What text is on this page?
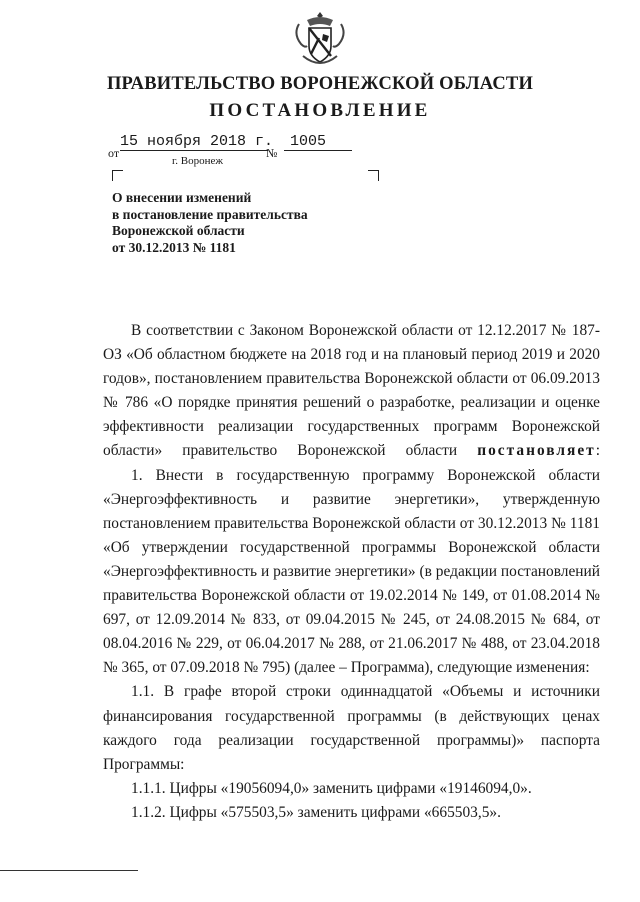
ПРАВИТЕЛЬСТВО ВОРОНЕЖСКОЙ ОБЛАСТИ
ПОСТАНОВЛЕНИЕ
от
15 ноября 2018 г.
№
1005
г. Воронеж
О внесении изменений
в постановление правительства
Воронежской области
от 30.12.2013 № 1181

В соответствии с Законом Воронежской области от 12.12.2017 № 187-ОЗ «Об областном бюджете на 2018 год и на плановый период 2019 и 2020 годов», постановлением правительства Воронежской области от 06.09.2013 № 786 «О порядке принятия решений о разработке, реализации и оценке эффективности реализации государственных программ Воронежской области» правительство Воронежской области постановляет:

1. Внести в государственную программу Воронежской области «Энергоэффективность и развитие энергетики», утвержденную постановлением правительства Воронежской области от 30.12.2013 № 1181 «Об утверждении государственной программы Воронежской области «Энергоэффективность и развитие энергетики» (в редакции постановлений правительства Воронежской области от 19.02.2014 № 149, от 01.08.2014 № 697, от 12.09.2014 № 833, от 09.04.2015 № 245, от 24.08.2015 № 684, от 08.04.2016 № 229, от 06.04.2017 № 288, от 21.06.2017 № 488, от 23.04.2018 № 365, от 07.09.2018 № 795) (далее – Программа), следующие изменения:

1.1. В графе второй строки одиннадцатой «Объемы и источники финансирования государственной программы (в действующих ценах каждого года реализации государственной программы)» паспорта Программы:

1.1.1. Цифры «19056094,0» заменить цифрами «19146094,0».

1.1.2. Цифры «575503,5» заменить цифрами «665503,5».
